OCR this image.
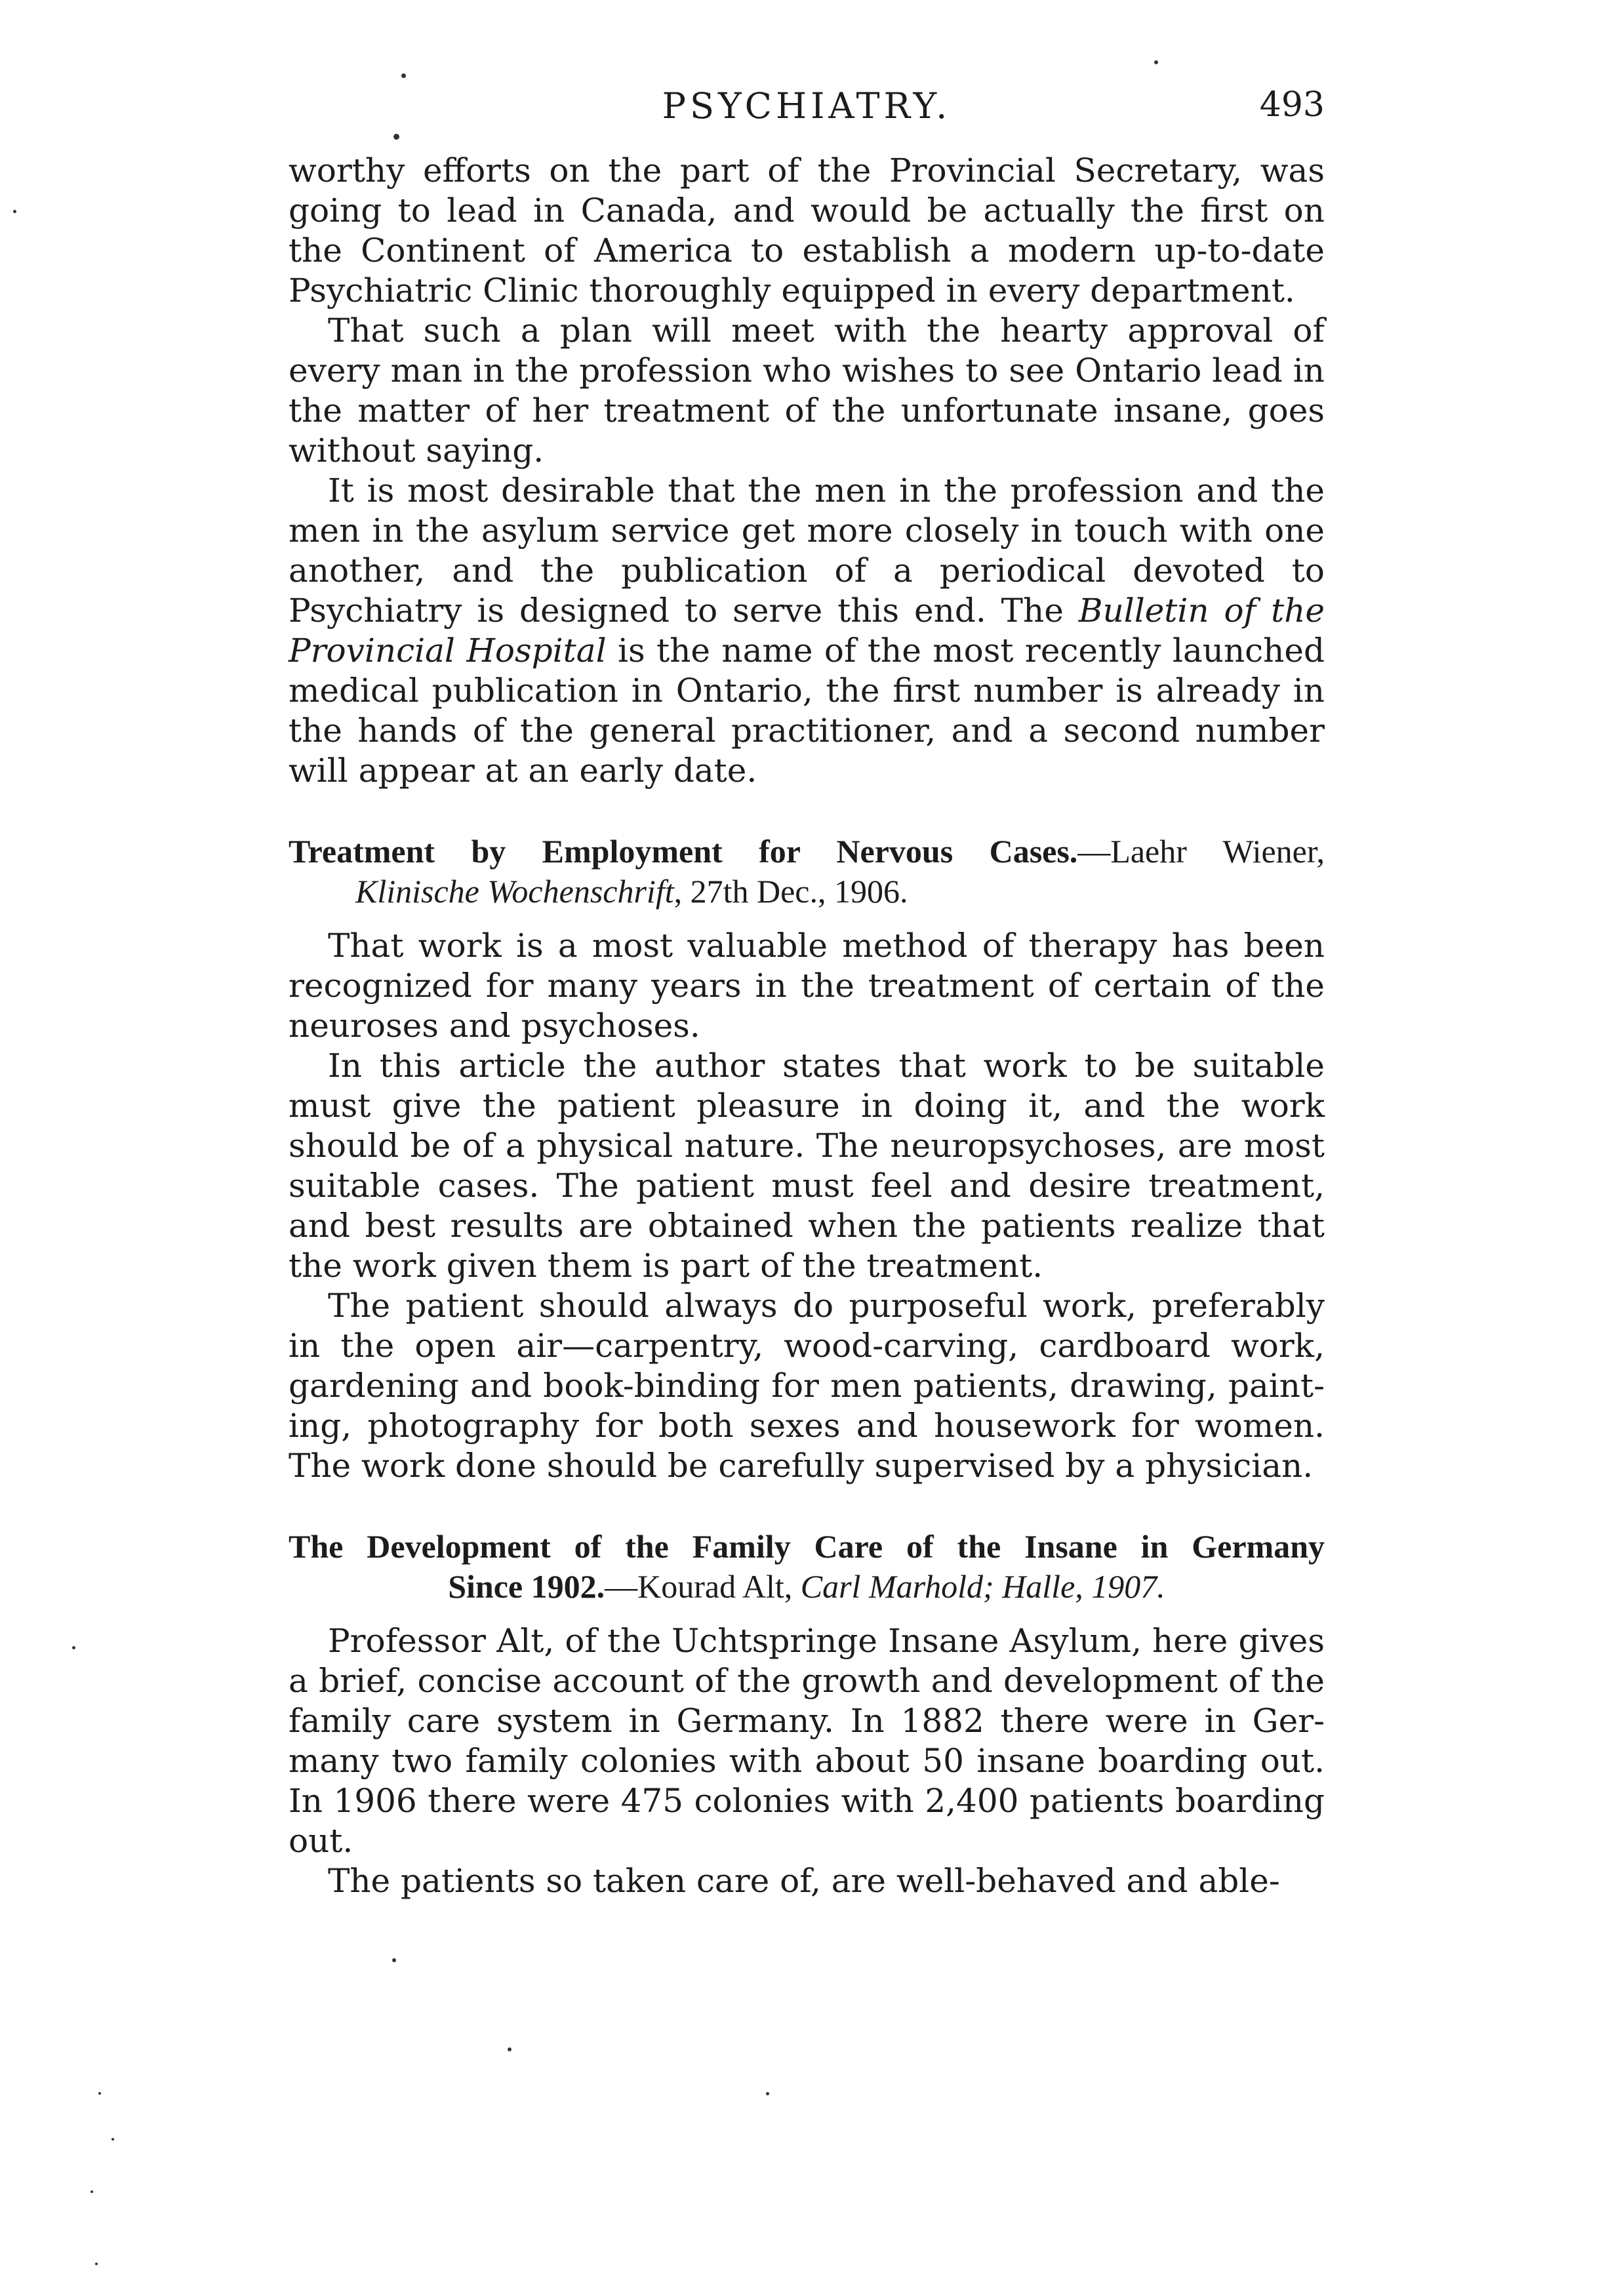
PSYCHIATRY.	493

worthy efforts on the part of the Provincial Secretary, was going to lead in Canada, and would be actually the first on the Continent of America to establish a modern up-to-date Psychiatric Clinic thoroughly equipped in every department.

That such a plan will meet with the hearty approval of every man in the profession who wishes to see Ontario lead in the matter of her treatment of the unfortunate insane, goes without saying.

It is most desirable that the men in the profession and the men in the asylum service get more closely in touch with one another, and the publication of a periodical devoted to Psychiatry is designed to serve this end. The Bulletin of the Provincial Hospital is the name of the most recently launched medical publication in Ontario, the first number is already in the hands of the general practitioner, and a second number will appear at an early date.

Treatment by Employment for Nervous Cases.—Laehr Wiener,
Klinische Wochenschrift, 27th Dec., 1906.

That work is a most valuable method of therapy has been recognized for many years in the treatment of certain of the neuroses and psychoses.

In this article the author states that work to be suitable must give the patient pleasure in doing it, and the work should be of a physical nature. The neuropsychoses, are most suitable cases. The patient must feel and desire treatment, and best results are obtained when the patients realize that the work given them is part of the treatment.

The patient should always do purposeful work, preferably in the open air—carpentry, wood-carving, cardboard work, gardening and book-binding for men patients, drawing, painting, photography for both sexes and housework for women. The work done should be carefully supervised by a physician.

The Development of the Family Care of the Insane in Germany
Since 1902.—Kourad Alt, Carl Marhold; Halle, 1907.

Professor Alt, of the Uchtspringe Insane Asylum, here gives a brief, concise account of the growth and development of the family care system in Germany. In 1882 there were in Germany two family colonies with about 50 insane boarding out. In 1906 there were 475 colonies with 2,400 patients boarding out.

The patients so taken care of, are well-behaved and able-
